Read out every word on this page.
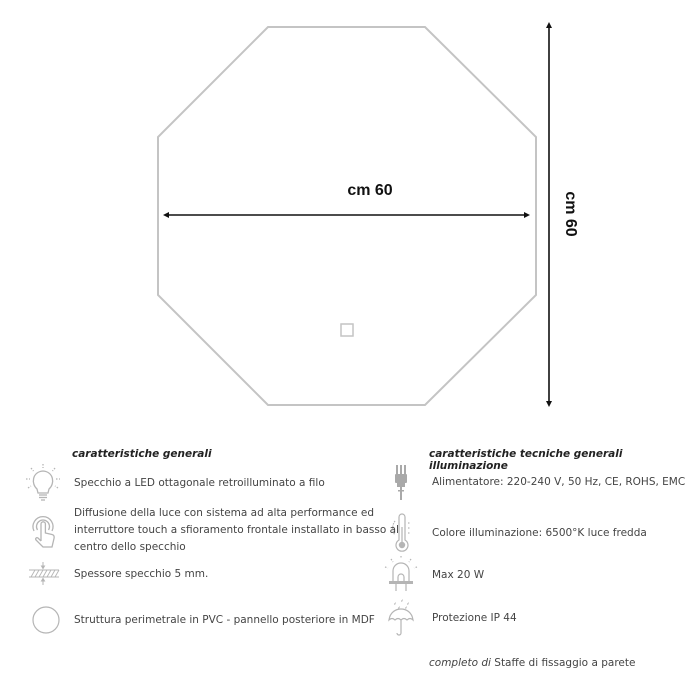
cm 60
cm 60
caratteristiche generali
Specchio a LED ottagonale retroilluminato a filo
Diffusione della luce con sistema ad alta performance ed
interruttore touch a sfioramento frontale installato in basso al
centro dello specchio
Spessore specchio 5 mm.
Struttura perimetrale in PVC - pannello posteriore in MDF
caratteristiche tecniche generali illuminazione
Alimentatore: 220-240 V, 50 Hz, CE, ROHS, EMC
Colore illuminazione: 6500°K luce fredda
Max 20 W
Protezione IP 44
completo di Staffe di fissaggio a parete
